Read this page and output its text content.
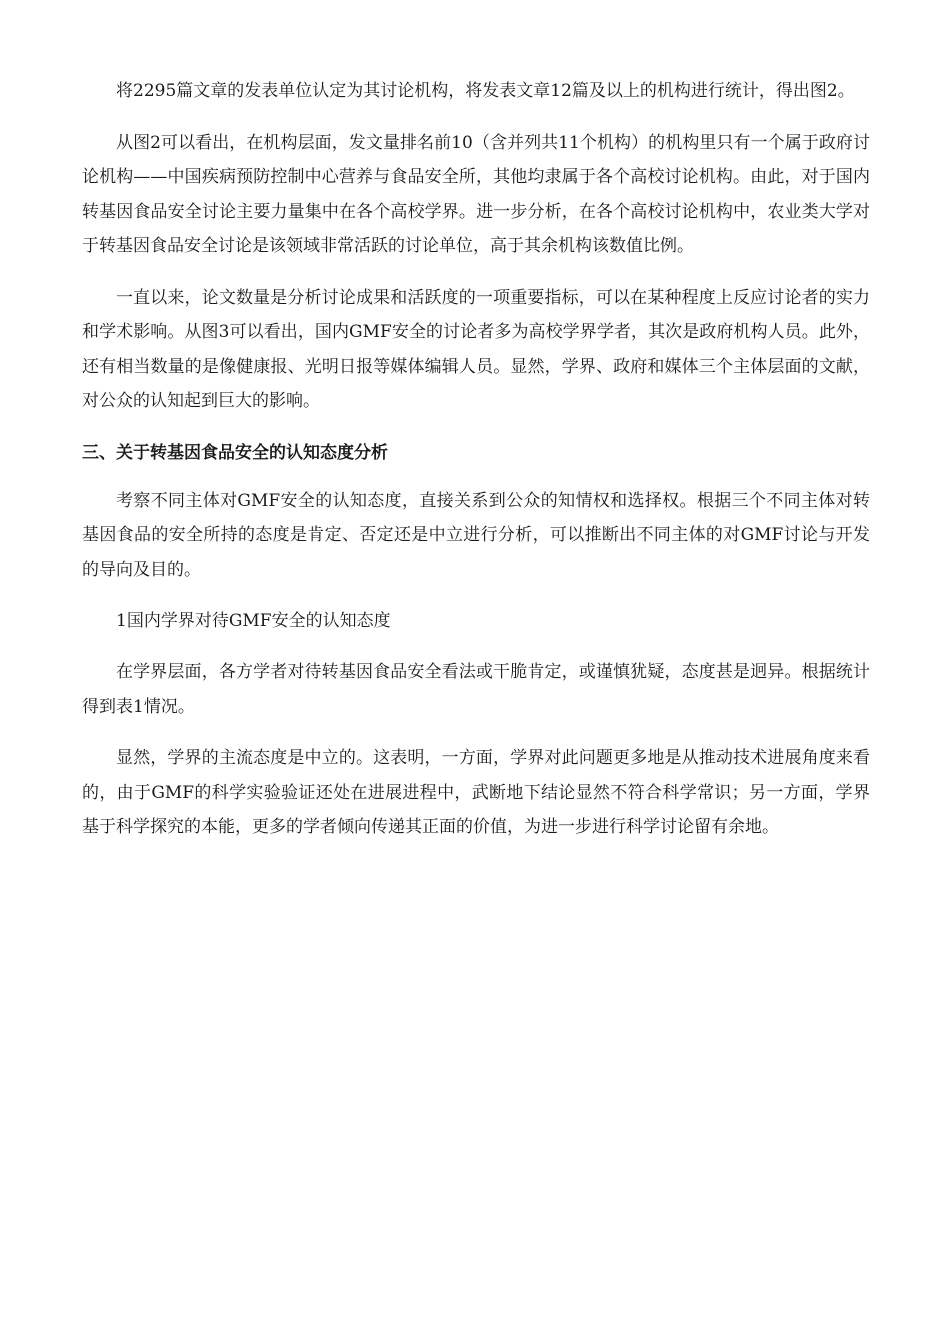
将2295篇文章的发表单位认定为其讨论机构，将发表文章12篇及以上的机构进行统计，得出图2。

从图2可以看出，在机构层面，发文量排名前10（含并列共11个机构）的机构里只有一个属于政府讨论机构——中国疾病预防控制中心营养与食品安全所，其他均隶属于各个高校讨论机构。由此，对于国内转基因食品安全讨论主要力量集中在各个高校学界。进一步分析，在各个高校讨论机构中，农业类大学对于转基因食品安全讨论是该领域非常活跃的讨论单位，高于其余机构该数值比例。

一直以来，论文数量是分析讨论成果和活跃度的一项重要指标，可以在某种程度上反应讨论者的实力和学术影响。从图3可以看出，国内GMF安全的讨论者多为高校学界学者，其次是政府机构人员。此外，还有相当数量的是像健康报、光明日报等媒体编辑人员。显然，学界、政府和媒体三个主体层面的文献，对公众的认知起到巨大的影响。

三、关于转基因食品安全的认知态度分析

考察不同主体对GMF安全的认知态度，直接关系到公众的知情权和选择权。根据三个不同主体对转基因食品的安全所持的态度是肯定、否定还是中立进行分析，可以推断出不同主体的对GMF讨论与开发的导向及目的。

1国内学界对待GMF安全的认知态度

在学界层面，各方学者对待转基因食品安全看法或干脆肯定，或谨慎犹疑，态度甚是迥异。根据统计得到表1情况。

显然，学界的主流态度是中立的。这表明，一方面，学界对此问题更多地是从推动技术进展角度来看的，由于GMF的科学实验验证还处在进展进程中，武断地下结论显然不符合科学常识；另一方面，学界基于科学探究的本能，更多的学者倾向传递其正面的价值，为进一步进行科学讨论留有余地。
